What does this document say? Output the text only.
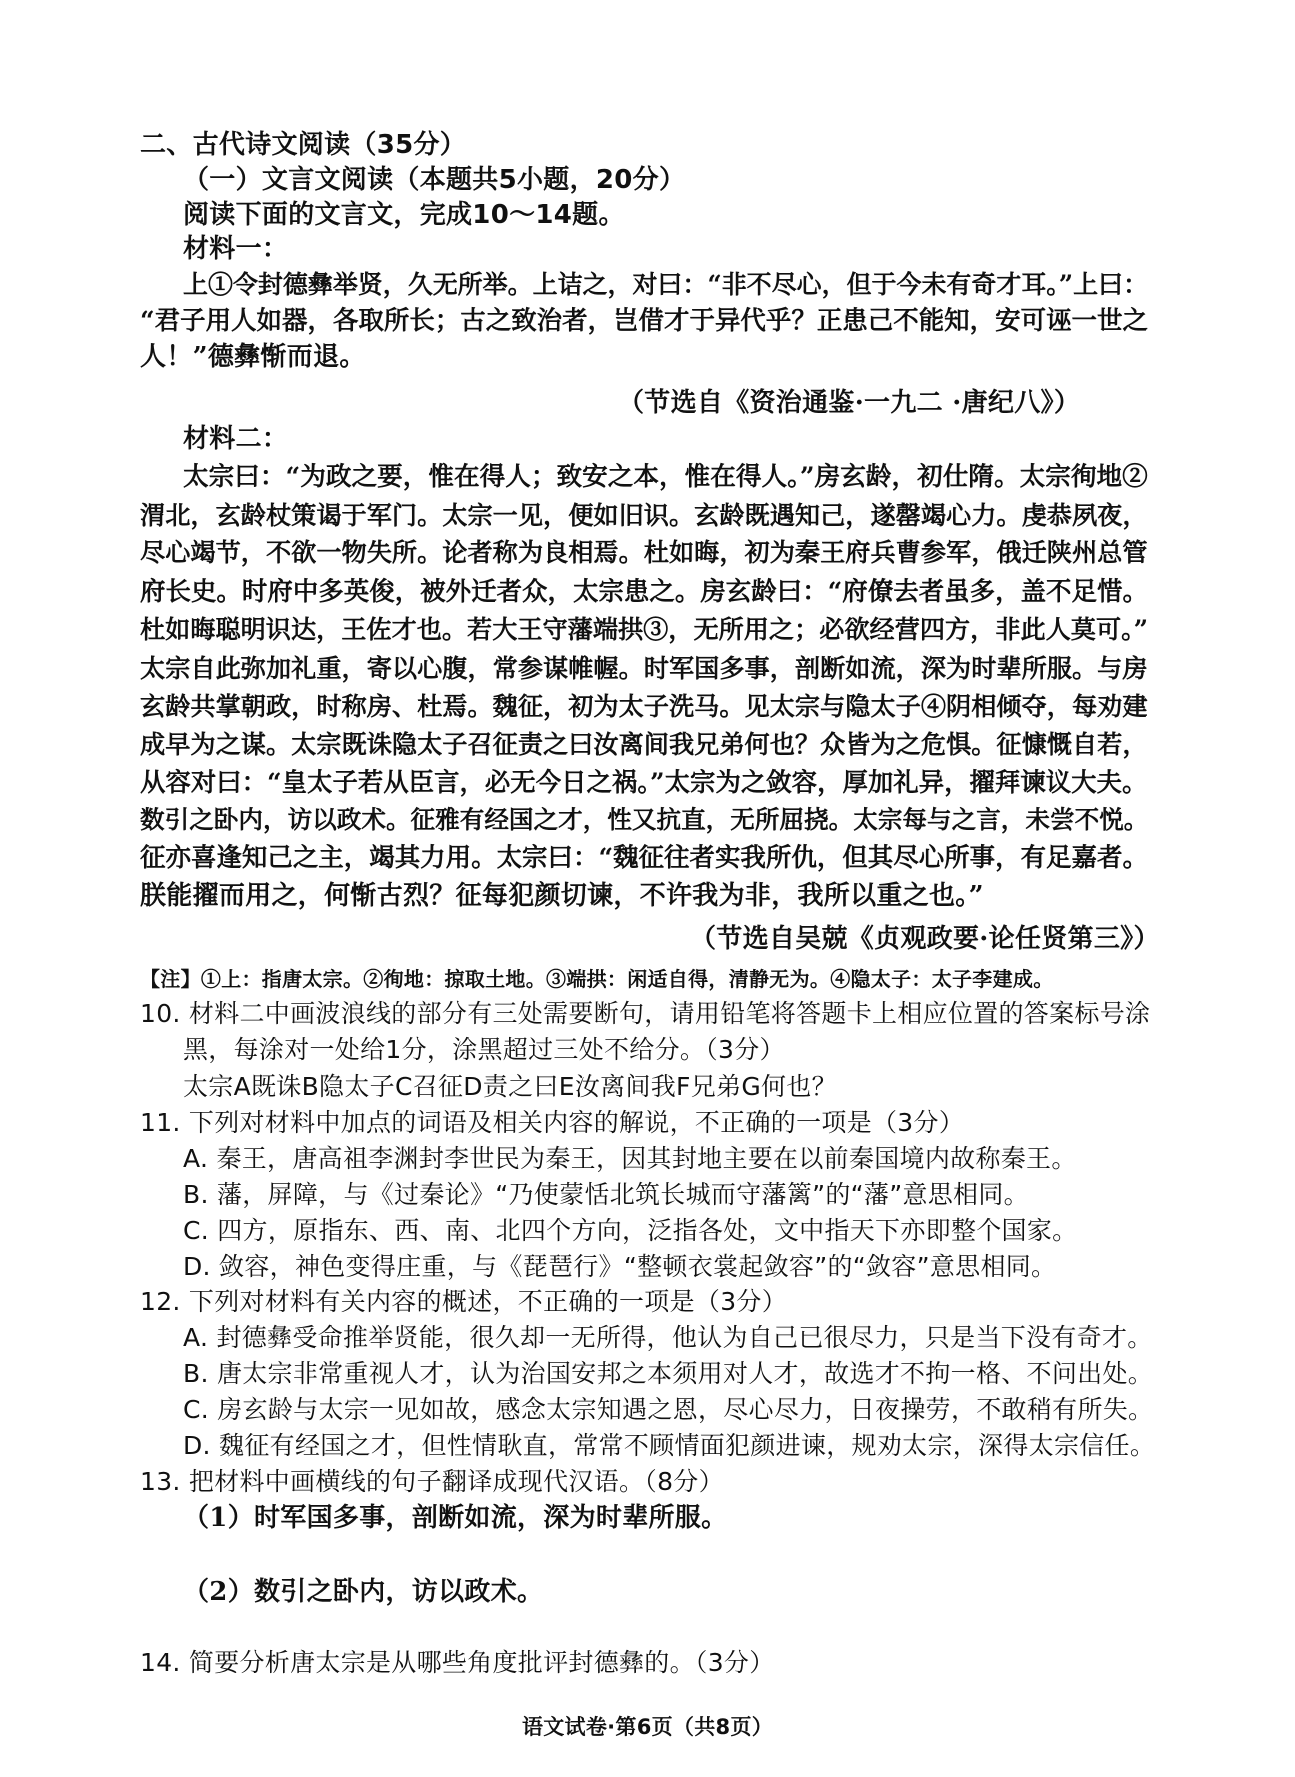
二、古代诗文阅读（35分）
（一）文言文阅读（本题共5小题，20分）
阅读下面的文言文，完成10～14题。
材料一：
上①令封德彝举贤，久无所举。上诘之，对曰：“非不尽心，但于今未有奇才耳。”上曰：
“君子用人如器，各取所长；古之致治者，岂借才于异代乎？正患己不能知，安可诬一世之
人！”德彝惭而退。
（节选自《资治通鉴·一九二 ·唐纪八》）
材料二：
太宗曰：“为政之要，惟在得人；致安之本，惟在得人。”房玄龄，初仕隋。太宗徇地②
渭北，玄龄杖策谒于军门。太宗一见，便如旧识。玄龄既遇知己，遂罄竭心力。虔恭夙夜，
尽心竭节，不欲一物失所。论者称为良相焉。杜如晦，初为秦王府兵曹参军，俄迁陕州总管
府长史。时府中多英俊，被外迁者众，太宗患之。房玄龄曰：“府僚去者虽多，盖不足惜。
杜如晦聪明识达，王佐才也。若大王守藩端拱③，无所用之；必欲经营四方，非此人莫可。”
太宗自此弥加礼重，寄以心腹，常参谋帷幄。时军国多事，剖断如流，深为时辈所服。与房
玄龄共掌朝政，时称房、杜焉。魏征，初为太子洗马。见太宗与隐太子④阴相倾夺，每劝建
成早为之谋。太宗既诛隐太子召征责之曰汝离间我兄弟何也？众皆为之危惧。征慷慨自若，
从容对曰：“皇太子若从臣言，必无今日之祸。”太宗为之敛容，厚加礼异，擢拜谏议大夫。
数引之卧内，访以政术。征雅有经国之才，性又抗直，无所屈挠。太宗每与之言，未尝不悦。
征亦喜逢知己之主，竭其力用。太宗曰：“魏征往者实我所仇，但其尽心所事，有足嘉者。
朕能擢而用之，何惭古烈？征每犯颜切谏，不许我为非，我所以重之也。”
（节选自吴兢《贞观政要·论任贤第三》）
【注】①上：指唐太宗。②徇地：掠取土地。③端拱：闲适自得，清静无为。④隐太子：太子李建成。
10. 材料二中画波浪线的部分有三处需要断句，请用铅笔将答题卡上相应位置的答案标号涂
黑，每涂对一处给1分，涂黑超过三处不给分。（3分）
太宗A既诛B隐太子C召征D责之曰E汝离间我F兄弟G何也？
11. 下列对材料中加点的词语及相关内容的解说，不正确的一项是（3分）
A. 秦王，唐高祖李渊封李世民为秦王，因其封地主要在以前秦国境内故称秦王。
B. 藩，屏障，与《过秦论》“乃使蒙恬北筑长城而守藩篱”的“藩”意思相同。
C. 四方，原指东、西、南、北四个方向，泛指各处，文中指天下亦即整个国家。
D. 敛容，神色变得庄重，与《琵琶行》“整顿衣裳起敛容”的“敛容”意思相同。
12. 下列对材料有关内容的概述，不正确的一项是（3分）
A. 封德彝受命推举贤能，很久却一无所得，他认为自己已很尽力，只是当下没有奇才。
B. 唐太宗非常重视人才，认为治国安邦之本须用对人才，故选才不拘一格、不问出处。
C. 房玄龄与太宗一见如故，感念太宗知遇之恩，尽心尽力，日夜操劳，不敢稍有所失。
D. 魏征有经国之才，但性情耿直，常常不顾情面犯颜进谏，规劝太宗，深得太宗信任。
13. 把材料中画横线的句子翻译成现代汉语。（8分）
（1）时军国多事，剖断如流，深为时辈所服。
（2）数引之卧内，访以政术。
14. 简要分析唐太宗是从哪些角度批评封德彝的。（3分）
语文试卷·第6页（共8页）
